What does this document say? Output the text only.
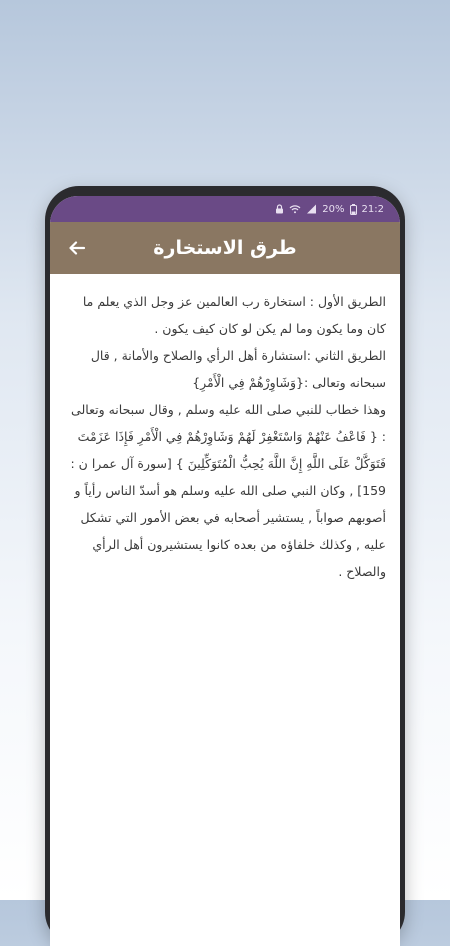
20% 21:2
طرق الاستخارة

الطريق الأول : استخارة رب العالمين عز وجل الذي يعلم ما كان وما يكون وما لم يكن لو كان كيف يكون .

الطريق الثاني :استشارة أهل الرأي والصلاح والأمانة , قال سبحانه وتعالى :{وَشَاوِرْهُمْ فِي الْأَمْرِ}

وهذا خطاب للنبي صلى الله عليه وسلم , وقال سبحانه وتعالى : { فَاعْفُ عَنْهُمْ وَاسْتَغْفِرْ لَهُمْ وَشَاوِرْهُمْ فِي الْأَمْرِ فَإِذَا عَزَمْتَ فَتَوَكَّلْ عَلَى اللَّهِ إِنَّ اللَّهَ يُحِبُّ الْمُتَوَكِّلِينَ } [سورة آل عمرا ن : 159] , وكان النبي صلى الله عليه وسلم هو أسدّ الناس رأياً و أصوبهم صواباً , يستشير أصحابه في بعض الأمور التي تشكل عليه , وكذلك خلفاؤه من بعده كانوا يستشيرون أهل الرأي والصلاح .
